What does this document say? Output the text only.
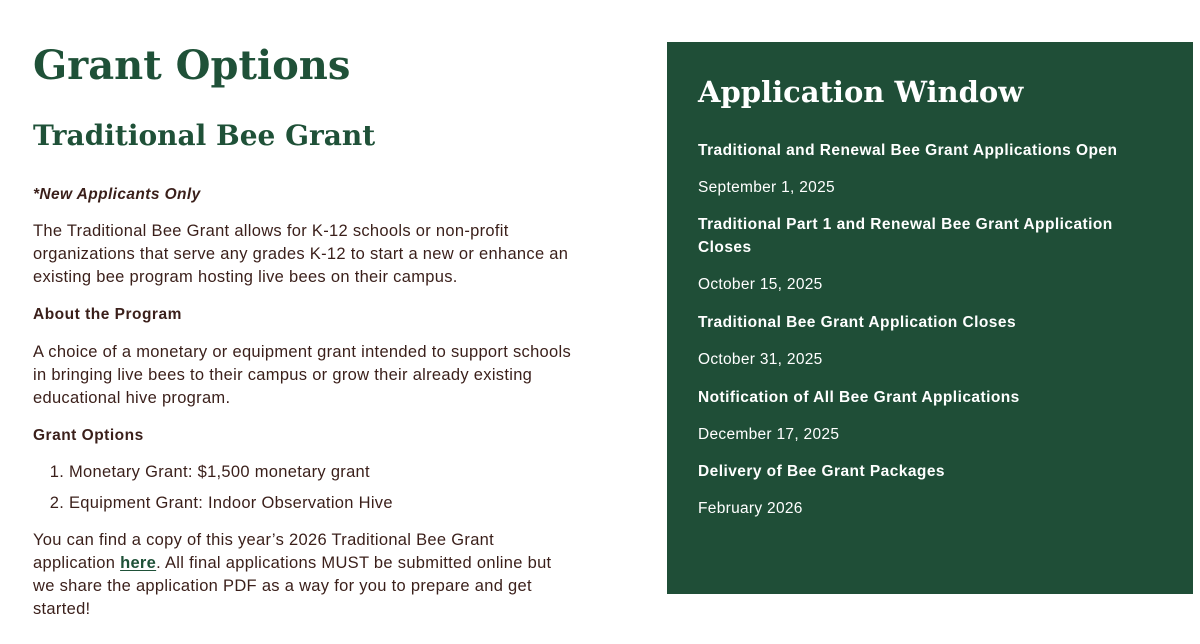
Grant Options
Traditional Bee Grant
*New Applicants Only

The Traditional Bee Grant allows for K-12 schools or non-profit organizations that serve any grades K-12 to start a new or enhance an existing bee program hosting live bees on their campus.

About the Program

A choice of a monetary or equipment grant intended to support schools in bringing live bees to their campus or grow their already existing educational hive program.

Grant Options
1. Monetary Grant: $1,500 monetary grant
2. Equipment Grant: Indoor Observation Hive

You can find a copy of this year’s 2026 Traditional Bee Grant application here. All final applications MUST be submitted online but we share the application PDF as a way for you to prepare and get started!

Application Window
Traditional and Renewal Bee Grant Applications Open
September 1, 2025
Traditional Part 1 and Renewal Bee Grant Application Closes
October 15, 2025
Traditional Bee Grant Application Closes
October 31, 2025
Notification of All Bee Grant Applications
December 17, 2025
Delivery of Bee Grant Packages
February 2026
